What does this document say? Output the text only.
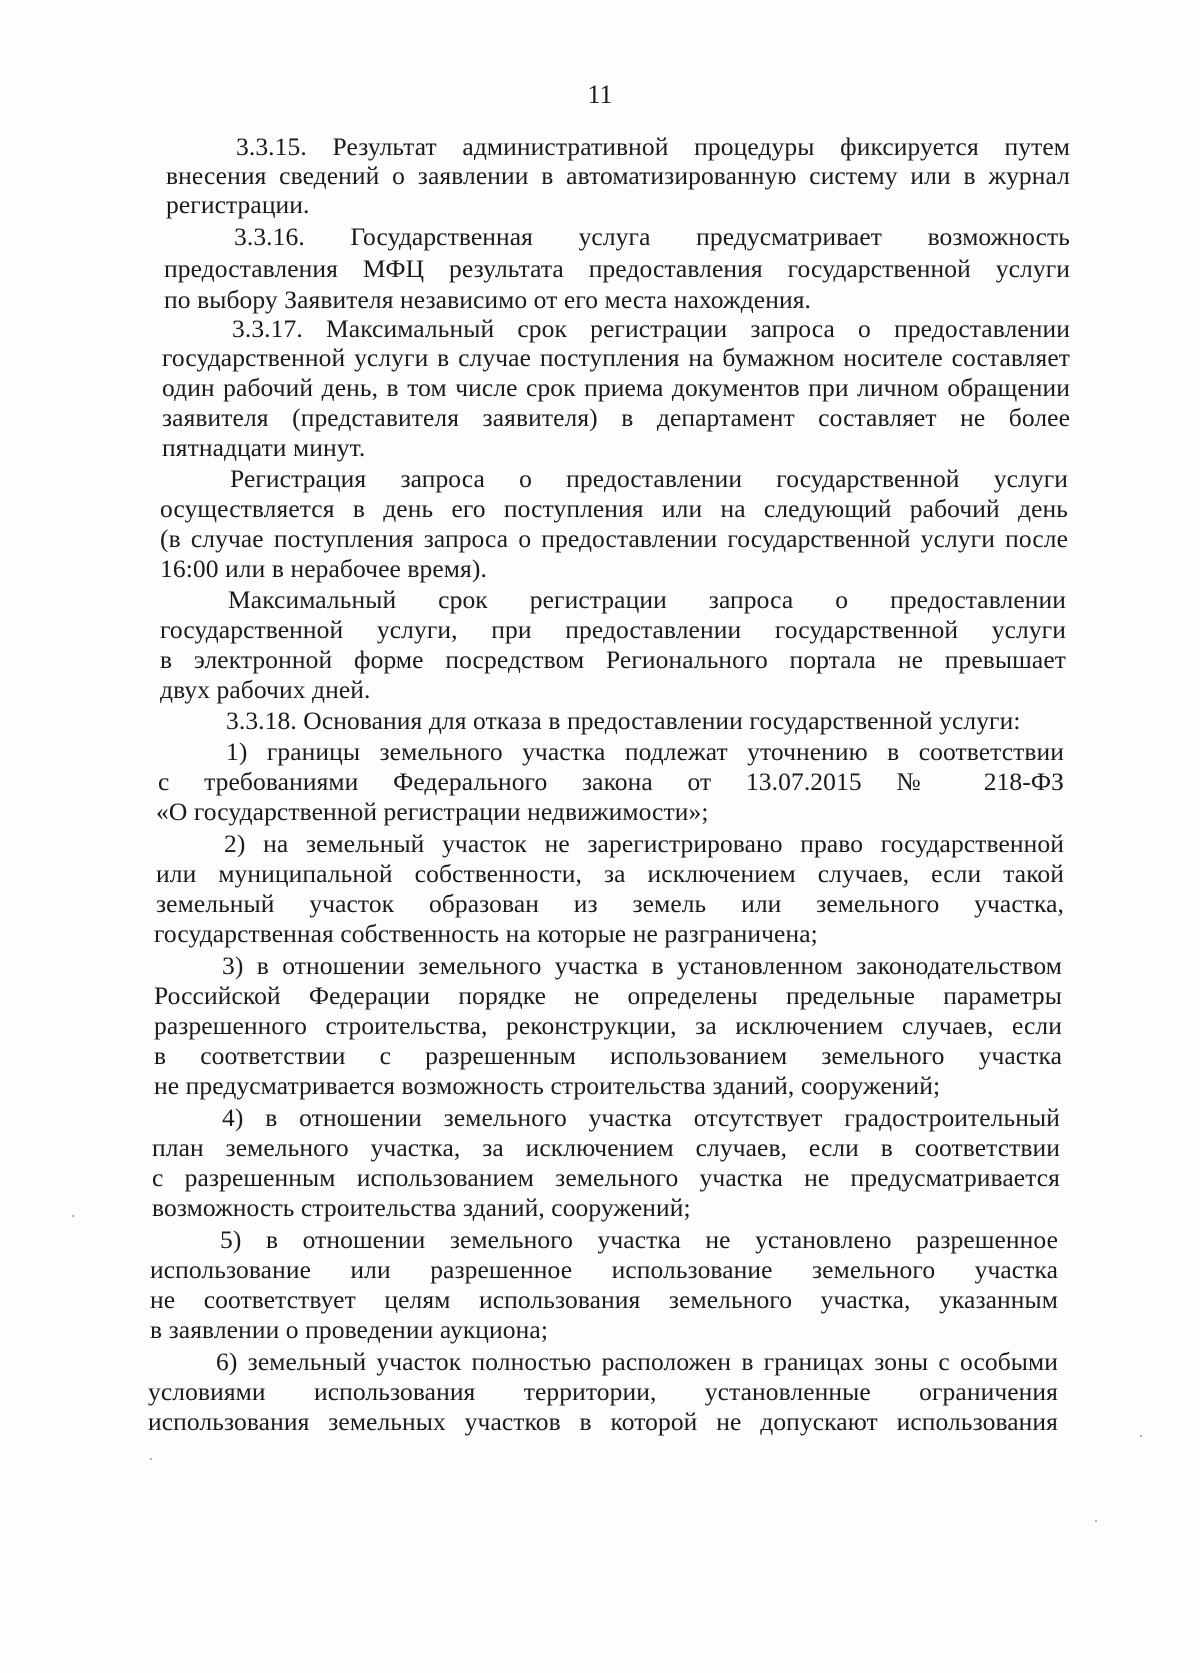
11
3.3.15. Результат административной процедуры фиксируется путем
внесения сведений о заявлении в автоматизированную систему или в журнал
регистрации.
3.3.16. Государственная услуга предусматривает возможность
предоставления МФЦ результата предоставления государственной услуги
по выбору Заявителя независимо от его места нахождения.
3.3.17. Максимальный срок регистрации запроса о предоставлении
государственной услуги в случае поступления на бумажном носителе составляет
один рабочий день, в том числе срок приема документов при личном обращении
заявителя (представителя заявителя) в департамент составляет не более
пятнадцати минут.
Регистрация запроса о предоставлении государственной услуги
осуществляется в день его поступления или на следующий рабочий день
(в случае поступления запроса о предоставлении государственной услуги после
16:00 или в нерабочее время).
Максимальный срок регистрации запроса о предоставлении
государственной услуги, при предоставлении государственной услуги
в электронной форме посредством Регионального портала не превышает
двух рабочих дней.
3.3.18. Основания для отказа в предоставлении государственной услуги:
1) границы земельного участка подлежат уточнению в соответствии
с требованиями Федерального закона от 13.07.2015 № 218-ФЗ
«О государственной регистрации недвижимости»;
2) на земельный участок не зарегистрировано право государственной
или муниципальной собственности, за исключением случаев, если такой
земельный участок образован из земель или земельного участка,
государственная собственность на которые не разграничена;
3) в отношении земельного участка в установленном законодательством
Российской Федерации порядке не определены предельные параметры
разрешенного строительства, реконструкции, за исключением случаев, если
в соответствии с разрешенным использованием земельного участка
не предусматривается возможность строительства зданий, сооружений;
4) в отношении земельного участка отсутствует градостроительный
план земельного участка, за исключением случаев, если в соответствии
с разрешенным использованием земельного участка не предусматривается
возможность строительства зданий, сооружений;
5) в отношении земельного участка не установлено разрешенное
использование или разрешенное использование земельного участка
не соответствует целям использования земельного участка, указанным
в заявлении о проведении аукциона;
6) земельный участок полностью расположен в границах зоны с особыми
условиями использования территории, установленные ограничения
использования земельных участков в которой не допускают использования
